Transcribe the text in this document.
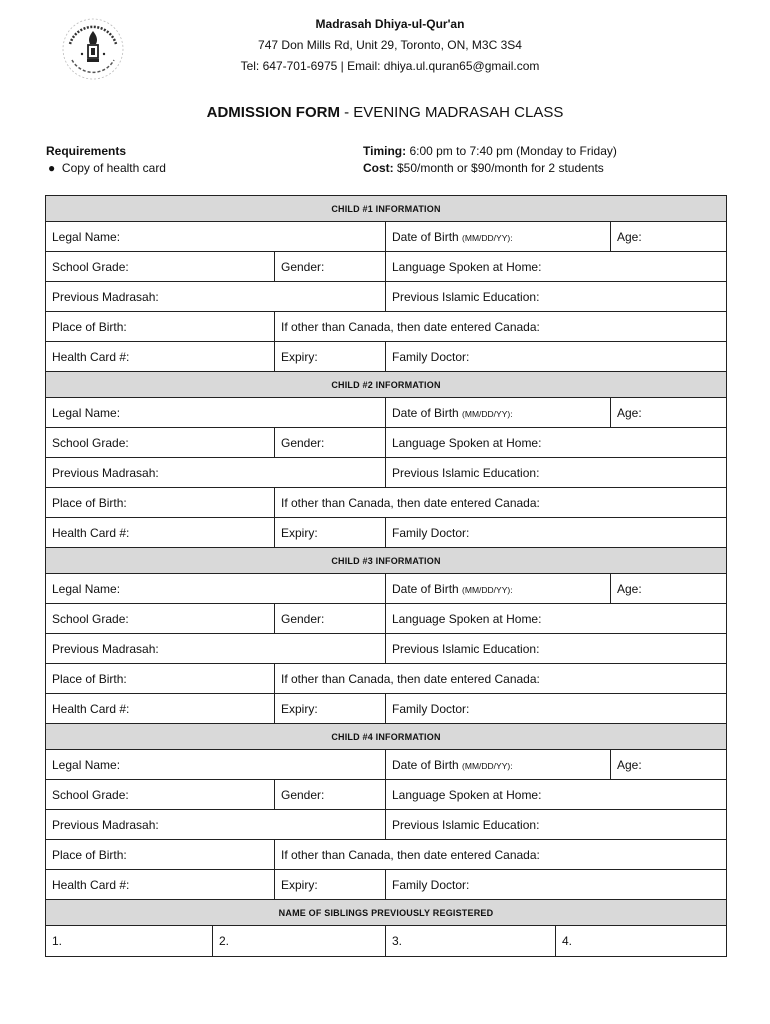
Madrasah Dhiya-ul-Qur'an
747 Don Mills Rd, Unit 29, Toronto, ON, M3C 3S4
Tel: 647-701-6975 | Email: dhiya.ul.quran65@gmail.com
ADMISSION FORM - EVENING MADRASAH CLASS
Requirements
●  Copy of health card
Timing: 6:00 pm to 7:40 pm (Monday to Friday)
Cost: $50/month or $90/month for 2 students
CHILD #1 INFORMATION					
Legal Name:			Date of Birth (MM/DD/YY):		Age:
School Grade:		Gender:	Language Spoken at Home:		
Previous Madrasah:			Previous Islamic Education:		
Place of Birth:		If other than Canada, then date entered Canada:			
Health Card #:		Expiry:	Family Doctor:		
CHILD #2 INFORMATION					
Legal Name:			Date of Birth (MM/DD/YY):		Age:
School Grade:		Gender:	Language Spoken at Home:		
Previous Madrasah:			Previous Islamic Education:		
Place of Birth:		If other than Canada, then date entered Canada:			
Health Card #:		Expiry:	Family Doctor:		
CHILD #3 INFORMATION					
Legal Name:			Date of Birth (MM/DD/YY):		Age:
School Grade:		Gender:	Language Spoken at Home:		
Previous Madrasah:			Previous Islamic Education:		
Place of Birth:		If other than Canada, then date entered Canada:			
Health Card #:		Expiry:	Family Doctor:		
CHILD #4 INFORMATION					
Legal Name:			Date of Birth (MM/DD/YY):		Age:
School Grade:		Gender:	Language Spoken at Home:		
Previous Madrasah:			Previous Islamic Education:		
Place of Birth:		If other than Canada, then date entered Canada:			
Health Card #:		Expiry:	Family Doctor:		
NAME OF SIBLINGS PREVIOUSLY REGISTERED					
1.	2.		3.	4.	
